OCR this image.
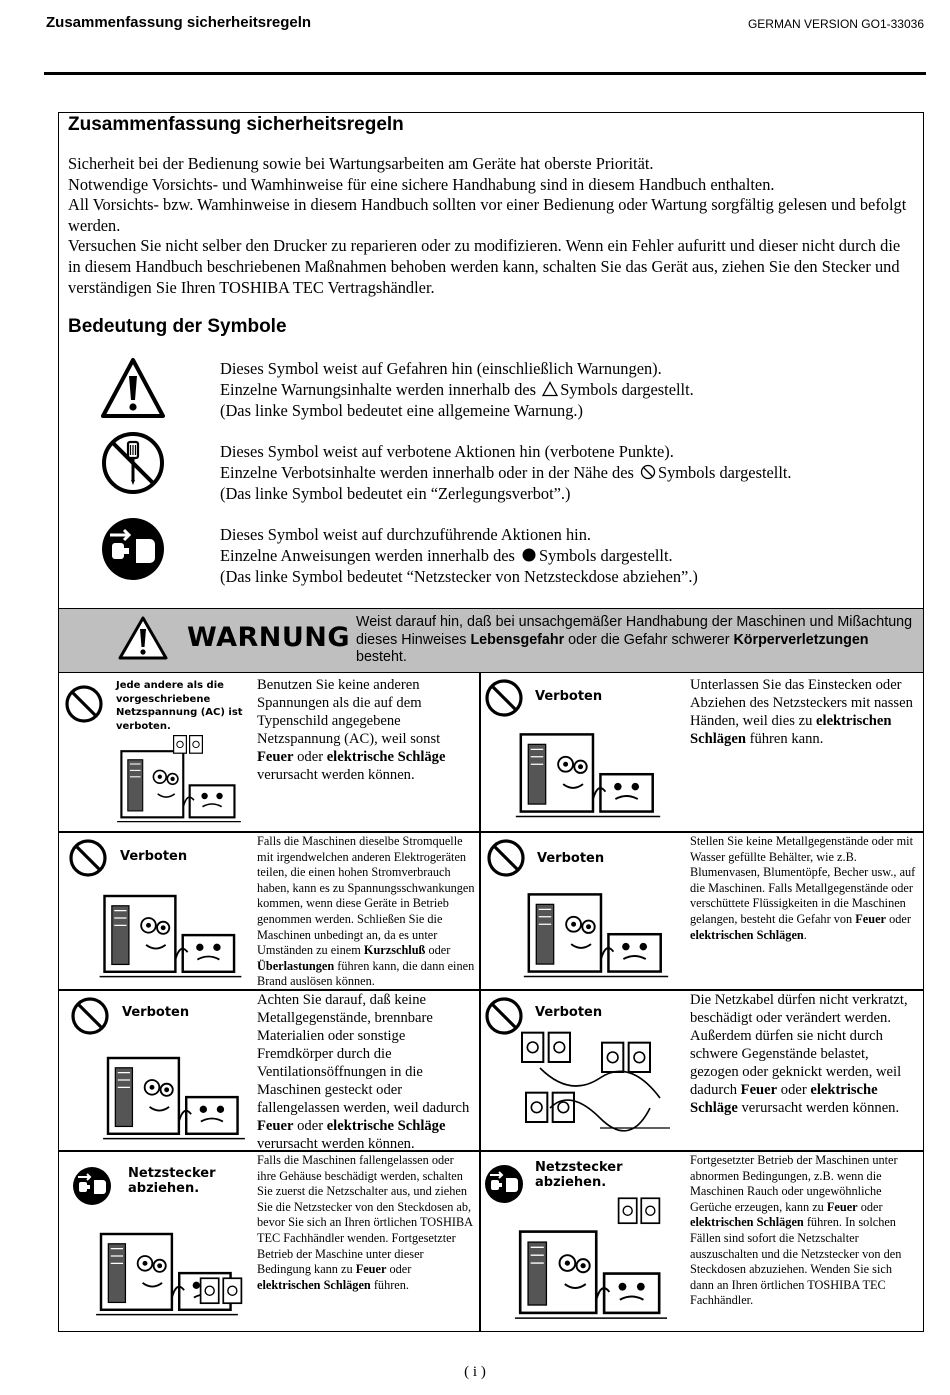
Zusammenfassung sicherheitsregeln	GERMAN VERSION GO1-33036
Zusammenfassung sicherheitsregeln

Sicherheit bei der Bedienung sowie bei Wartungsarbeiten am Geräte hat oberste Priorität.

Notwendige Vorsichts- und Wamhinweise für eine sichere Handhabung sind in diesem Handbuch enthalten.

All Vorsichts- bzw. Wamhinweise in diesem Handbuch sollten vor einer Bedienung oder Wartung sorgfältig gelesen und befolgt werden.

Versuchen Sie nicht selber den Drucker zu reparieren oder zu modifizieren. Wenn ein Fehler aufuritt und dieser nicht durch die in diesem Handbuch beschriebenen Maßnahmen behoben werden kann, schalten Sie das Gerät aus, ziehen Sie den Stecker und verständigen Sie Ihren TOSHIBA TEC Vertragshändler.

Bedeutung der Symbole

Dieses Symbol weist auf Gefahren hin (einschließlich Warnungen).

Einzelne Warnungsinhalte werden innerhalb des Symbols dargestellt.

(Das linke Symbol bedeutet eine allgemeine Warnung.)

Dieses Symbol weist auf verbotene Aktionen hin (verbotene Punkte).

Einzelne Verbotsinhalte werden innerhalb oder in der Nähe des Symbols dargestellt.

(Das linke Symbol bedeutet ein “Zerlegungsverbot”.)

Dieses Symbol weist auf durchzuführende Aktionen hin.

Einzelne Anweisungen werden innerhalb des Symbols dargestellt.

(Das linke Symbol bedeutet “Netzstecker von Netzsteckdose abziehen”.)

WARNUNG Weist darauf hin, daß bei unsachgemäßer Handhabung der Maschinen und Mißachtung dieses Hinweises Lebensgefahr oder die Gefahr schwerer Körperverletzungen besteht.
Jede andere als die vorgeschriebene Netzspannung (AC) ist verboten.
Benutzen Sie keine anderen Spannungen als die auf dem Typenschild angegebene Netzspannung (AC), weil sonst Feuer oder elektrische Schläge verursacht werden können.
Verboten
Unterlassen Sie das Einstecken oder Abziehen des Netzsteckers mit nassen Händen, weil dies zu elektrischen Schlägen führen kann.
Verboten
Falls die Maschinen dieselbe Stromquelle mit irgendwelchen anderen Elektrogeräten teilen, die einen hohen Stromverbrauch haben, kann es zu Spannungsschwankungen kommen, wenn diese Geräte in Betrieb genommen werden. Schließen Sie die Maschinen unbedingt an, da es unter Umständen zu einem Kurzschluß oder Überlastungen führen kann, die dann einen Brand auslösen können.
Verboten
Stellen Sie keine Metallgegenstände oder mit Wasser gefüllte Behälter, wie z.B. Blumenvasen, Blumentöpfe, Becher usw., auf die Maschinen. Falls Metallgegenstände oder verschüttete Flüssigkeiten in die Maschinen gelangen, besteht die Gefahr von Feuer oder elektrischen Schlägen.
Verboten
Achten Sie darauf, daß keine Metallgegenstände, brennbare Materialien oder sonstige Fremdkörper durch die Ventilationsöffnungen in die Maschinen gesteckt oder fallengelassen werden, weil dadurch Feuer oder elektrische Schläge verursacht werden können.
Verboten
Die Netzkabel dürfen nicht verkratzt, beschädigt oder verändert werden. Außerdem dürfen sie nicht durch schwere Gegenstände belastet, gezogen oder geknickt werden, weil dadurch Feuer oder elektrische Schläge verursacht werden können.
Netzstecker abziehen.
Falls die Maschinen fallengelassen oder ihre Gehäuse beschädigt werden, schalten Sie zuerst die Netzschalter aus, und ziehen Sie die Netzstecker von den Steckdosen ab, bevor Sie sich an Ihren örtlichen TOSHIBA TEC Fachhändler wenden. Fortgesetzter Betrieb der Maschine unter dieser Bedingung kann zu Feuer oder elektrischen Schlägen führen.
Netzstecker abziehen.
Fortgesetzter Betrieb der Maschinen unter abnormen Bedingungen, z.B. wenn die Maschinen Rauch oder ungewöhnliche Gerüche erzeugen, kann zu Feuer oder elektrischen Schlägen führen. In solchen Fällen sind sofort die Netzschalter auszuschalten und die Netzstecker von den Steckdosen abzuziehen. Wenden Sie sich dann an Ihren örtlichen TOSHIBA TEC Fachhändler.
( i )
